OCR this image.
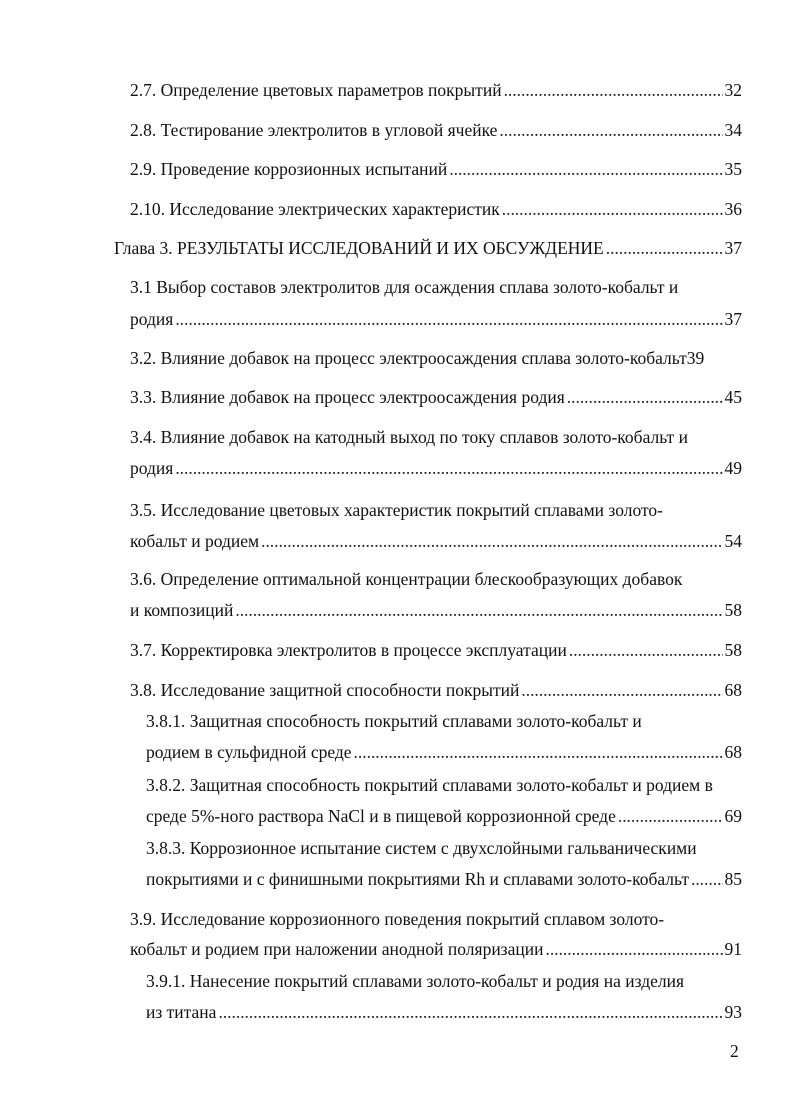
2.7. Определение цветовых параметров покрытий . . .	32
2.8. Тестирование электролитов в угловой ячейке . . .	34
2.9. Проведение коррозионных испытаний . . .	35
2.10. Исследование электрических характеристик . . .	36
Глава 3. РЕЗУЛЬТАТЫ ИССЛЕДОВАНИЙ И ИХ ОБСУЖДЕНИЕ . . .	37
3.1 Выбор составов электролитов для осаждения сплава золото-кобальт и
родия . . .	37
3.2. Влияние добавок на процесс электроосаждения сплава золото-кобальт39
3.3. Влияние добавок на процесс электроосаждения родия . . .	45
3.4. Влияние добавок на катодный выход по току сплавов золото-кобальт и
родия . . .	49
3.5. Исследование цветовых характеристик покрытий сплавами золото-
кобальт и родием . . .	54
3.6. Определение оптимальной концентрации блескообразующих добавок
и композиций . . .	58
3.7. Корректировка электролитов в процессе эксплуатации . . .	58
3.8. Исследование защитной способности покрытий . . .	68
3.8.1. Защитная способность покрытий сплавами золото-кобальт и
родием в сульфидной среде . . .	68
3.8.2. Защитная способность покрытий сплавами золото-кобальт и родием в
среде 5%-ного раствора NaCl и в пищевой коррозионной среде . . .	69
3.8.3. Коррозионное испытание систем с двухслойными гальваническими
покрытиями и с финишными покрытиями Rh и сплавами золото-кобальт . . . 85
3.9. Исследование коррозионного поведения покрытий сплавом золото-
кобальт и родием при наложении анодной поляризации . . .	91
3.9.1. Нанесение покрытий сплавами золото-кобальт и родия на изделия
из титана . . .	93
2
